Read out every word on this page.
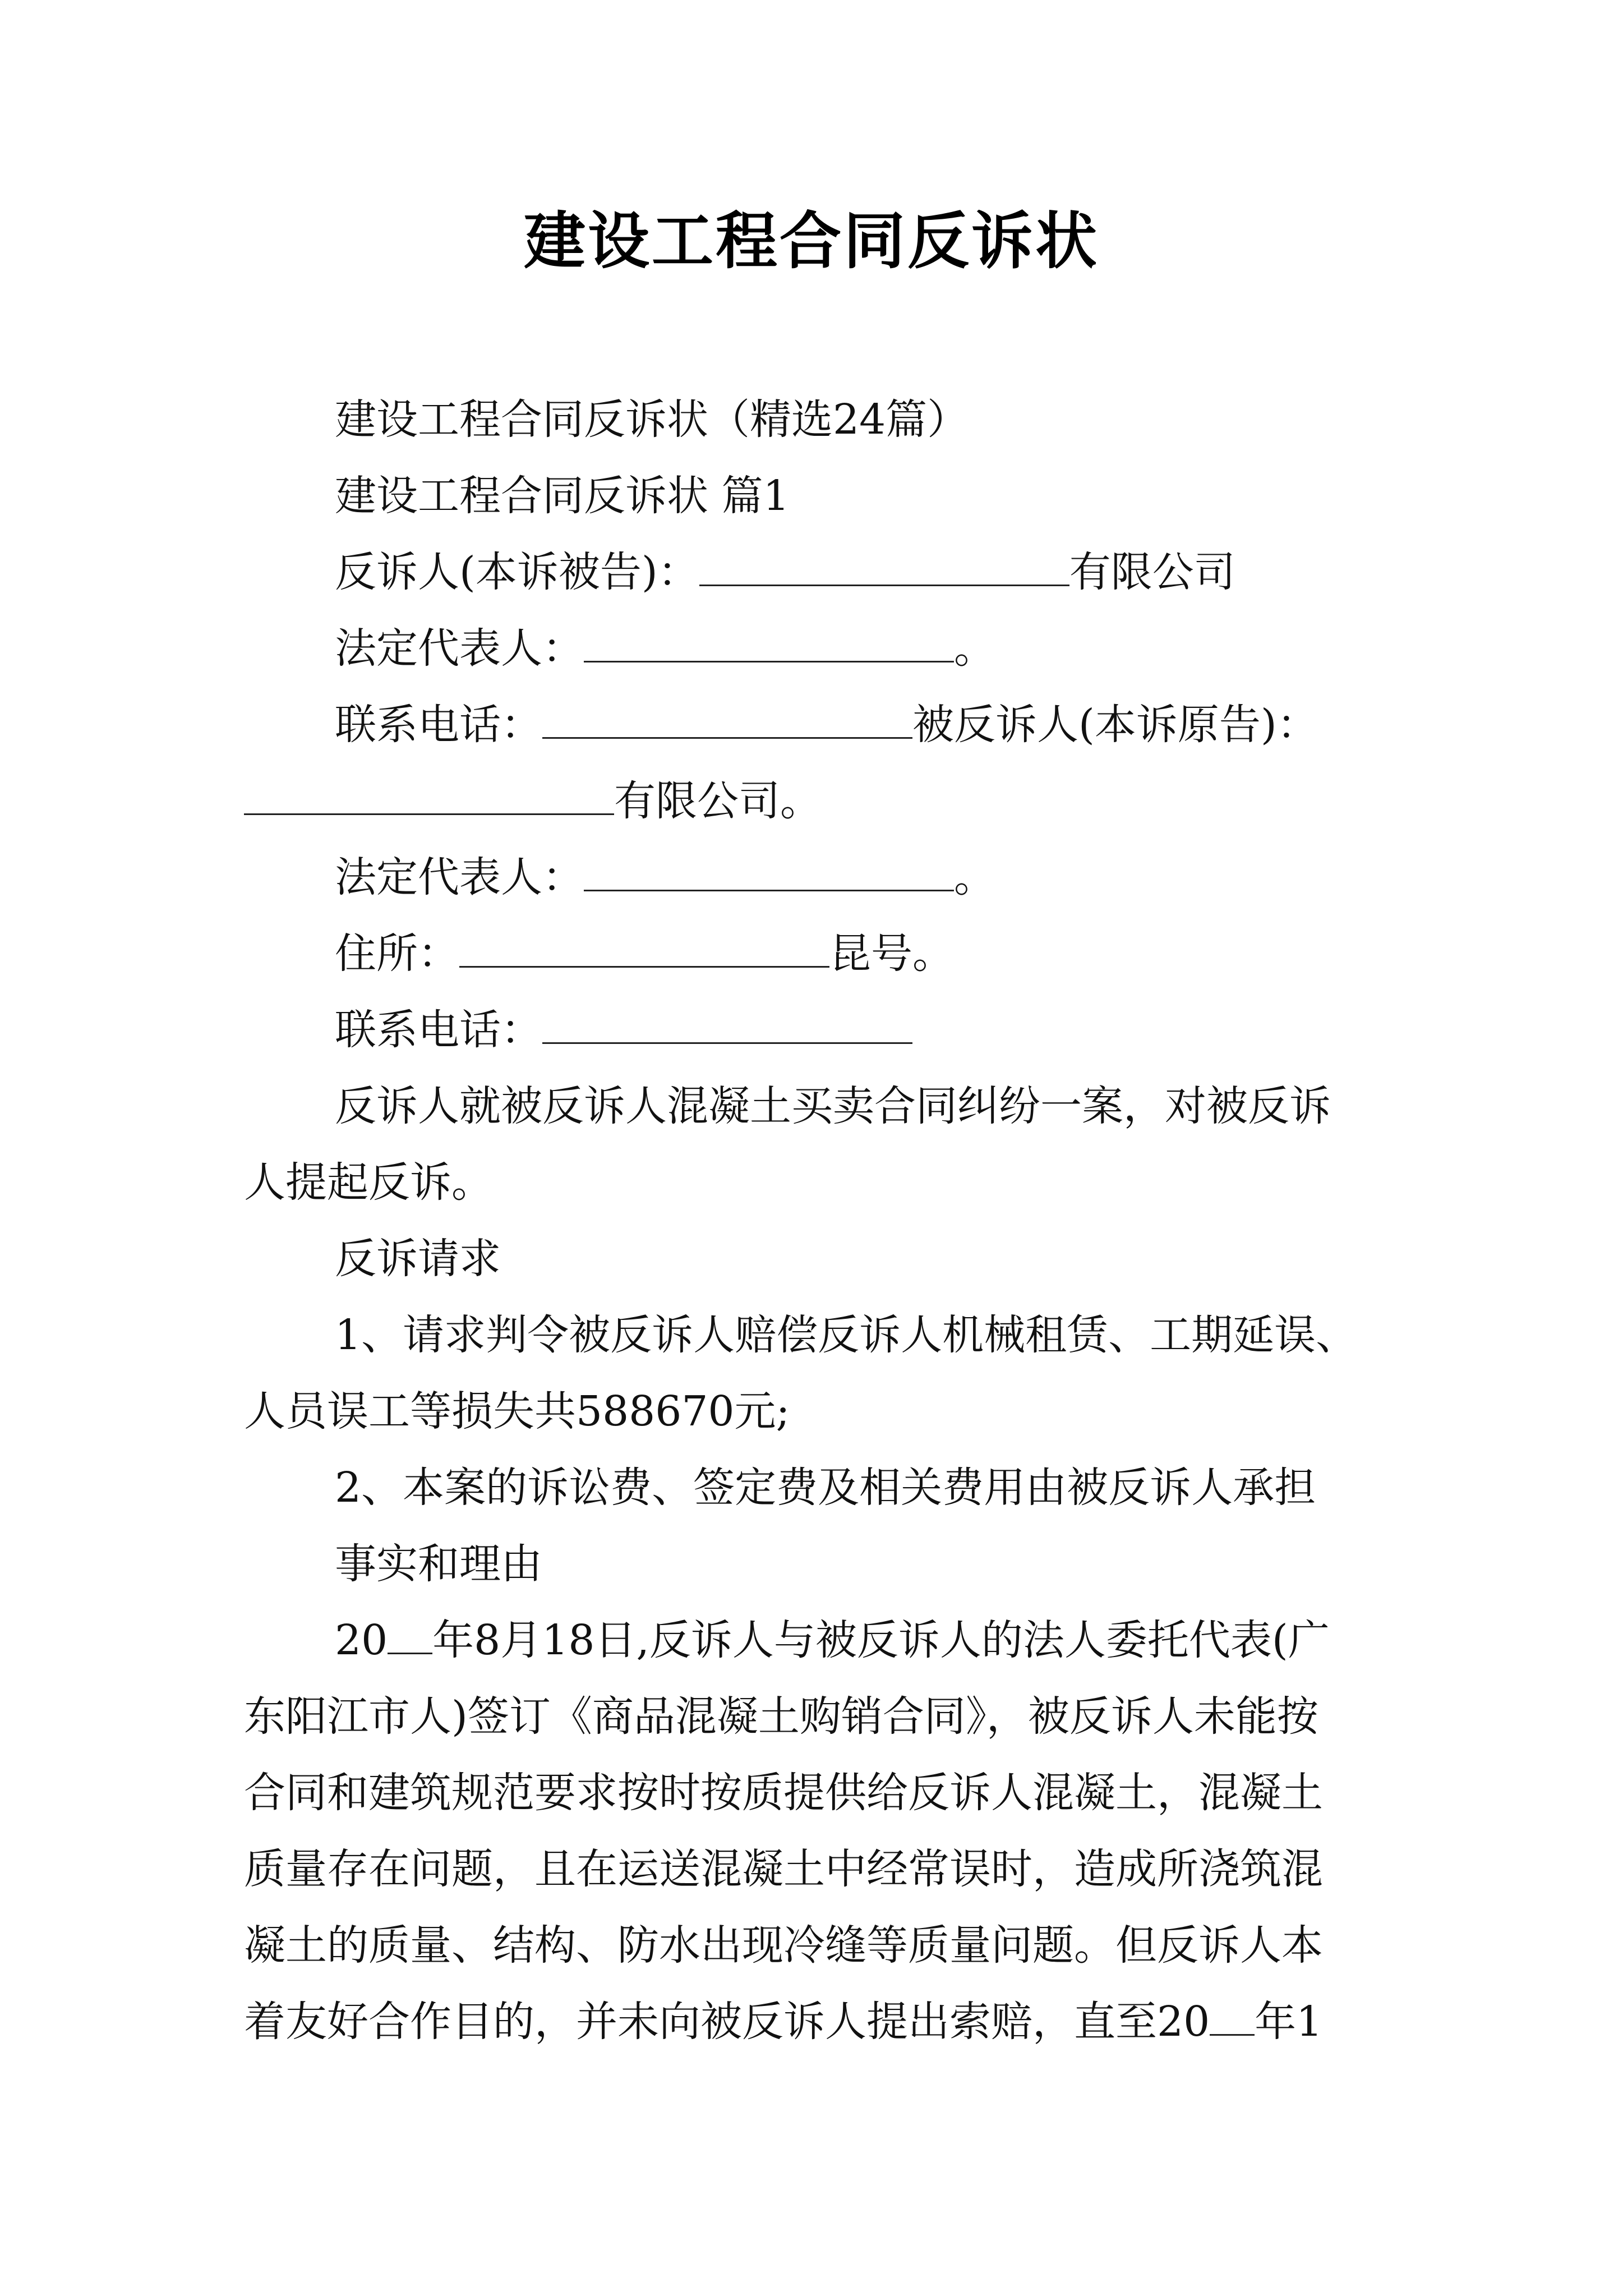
建设工程合同反诉状
建设工程合同反诉状（精选24篇）
建设工程合同反诉状 篇1
反诉人(本诉被告)：	有限公司
法定代表人：	。
联系电话：	被反诉人(本诉原告)：
有限公司。
法定代表人：	。
住所：	昆号。
联系电话：
反诉人就被反诉人混凝土买卖合同纠纷一案，对被反诉
人提起反诉。
反诉请求
1、请求判令被反诉人赔偿反诉人机械租赁、工期延误、
人员误工等损失共588670元;
2、本案的诉讼费、签定费及相关费用由被反诉人承担
事实和理由
20 年8月18日,反诉人与被反诉人的法人委托代表(广
东阳江市人)签订《商品混凝土购销合同》，被反诉人未能按
合同和建筑规范要求按时按质提供给反诉人混凝土，混凝土
质量存在问题，且在运送混凝土中经常误时，造成所浇筑混
凝土的质量、结构、防水出现冷缝等质量问题。但反诉人本
着友好合作目的，并未向被反诉人提出索赔，直至20 年1
